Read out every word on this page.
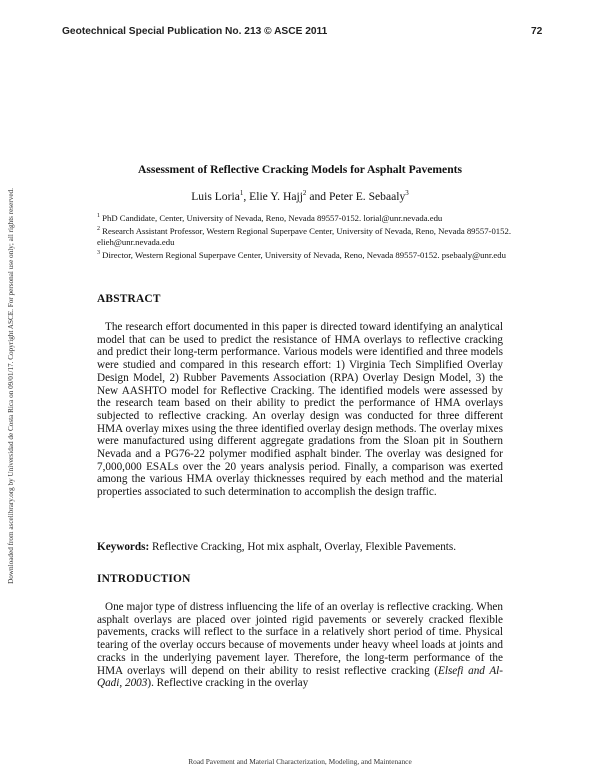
Geotechnical Special Publication No. 213 © ASCE 2011	72
Downloaded from ascelibrary.org by Universidad de Costa Rica on 09/01/17. Copyright ASCE. For personal use only; all rights reserved.
Assessment of Reflective Cracking Models for Asphalt Pavements
Luis Loria$^1$, Elie Y. Hajj$^2$ and Peter E. Sebaaly$^3$
$^1$ PhD Candidate, Center, University of Nevada, Reno, Nevada 89557-0152. lorial@unr.nevada.edu
$^2$ Research Assistant Professor, Western Regional Superpave Center, University of Nevada, Reno, Nevada 89557-0152. elieh@unr.nevada.edu
$^3$ Director, Western Regional Superpave Center, University of Nevada, Reno, Nevada 89557-0152. psebaaly@unr.edu
ABSTRACT

The research effort documented in this paper is directed toward identifying an analytical model that can be used to predict the resistance of HMA overlays to reflective cracking and predict their long-term performance. Various models were identified and three models were studied and compared in this research effort: 1) Virginia Tech Simplified Overlay Design Model, 2) Rubber Pavements Association (RPA) Overlay Design Model, 3) the New AASHTO model for Reflective Cracking. The identified models were assessed by the research team based on their ability to predict the performance of HMA overlays subjected to reflective cracking. An overlay design was conducted for three different HMA overlay mixes using the three identified overlay design methods. The overlay mixes were manufactured using different aggregate gradations from the Sloan pit in Southern Nevada and a PG76-22 polymer modified asphalt binder. The overlay was designed for 7,000,000 ESALs over the 20 years analysis period. Finally, a comparison was exerted among the various HMA overlay thicknesses required by each method and the material properties associated to such determination to accomplish the design traffic.

Keywords: Reflective Cracking, Hot mix asphalt, Overlay, Flexible Pavements.
INTRODUCTION

One major type of distress influencing the life of an overlay is reflective cracking. When asphalt overlays are placed over jointed rigid pavements or severely cracked flexible pavements, cracks will reflect to the surface in a relatively short period of time. Physical tearing of the overlay occurs because of movements under heavy wheel loads at joints and cracks in the underlying pavement layer. Therefore, the long-term performance of the HMA overlays will depend on their ability to resist reflective cracking (Elsefi and Al-Qadi, 2003). Reflective cracking in the overlay

Road Pavement and Material Characterization, Modeling, and Maintenance
